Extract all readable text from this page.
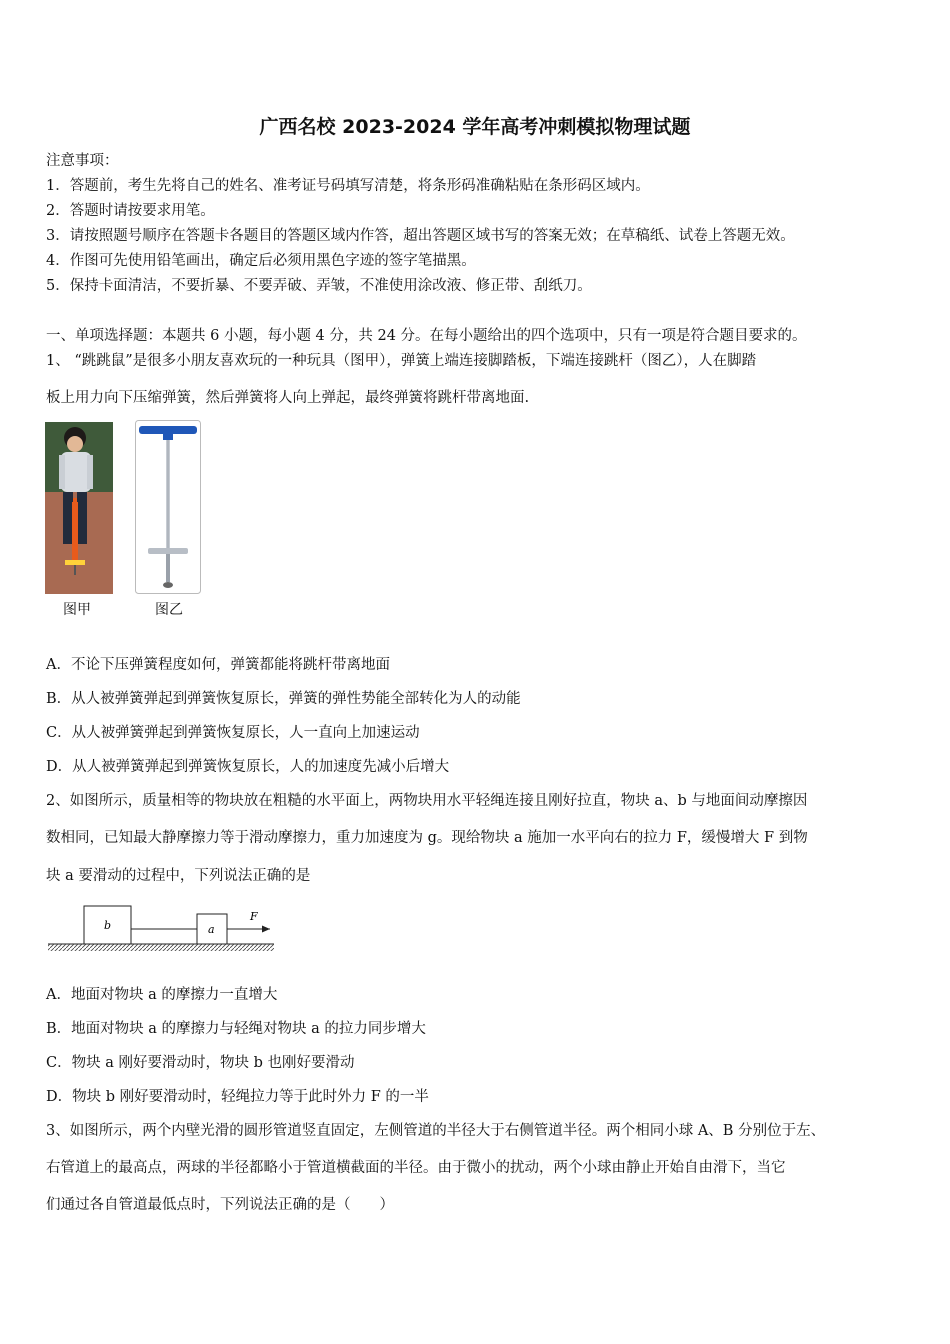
广西名校 2023-2024 学年高考冲刺模拟物理试题
注意事项：
1．答题前，考生先将自己的姓名、准考证号码填写清楚，将条形码准确粘贴在条形码区域内。
2．答题时请按要求用笔。
3．请按照题号顺序在答题卡各题目的答题区域内作答，超出答题区域书写的答案无效；在草稿纸、试卷上答题无效。
4．作图可先使用铅笔画出，确定后必须用黑色字迹的签字笔描黑。
5．保持卡面清洁，不要折暴、不要弄破、弄皱，不准使用涂改液、修正带、刮纸刀。
一、单项选择题：本题共 6 小题，每小题 4 分，共 24 分。在每小题给出的四个选项中，只有一项是符合题目要求的。
1、 “跳跳鼠”是很多小朋友喜欢玩的一种玩具（图甲），弹簧上端连接脚踏板，下端连接跳杆（图乙），人在脚踏
板上用力向下压缩弹簧，然后弹簧将人向上弹起，最终弹簧将跳杆带离地面.
图甲	图乙
A．不论下压弹簧程度如何，弹簧都能将跳杆带离地面
B．从人被弹簧弹起到弹簧恢复原长，弹簧的弹性势能全部转化为人的动能
C．从人被弹簧弹起到弹簧恢复原长，人一直向上加速运动
D．从人被弹簧弹起到弹簧恢复原长，人的加速度先减小后增大
2、如图所示，质量相等的物块放在粗糙的水平面上，两物块用水平轻绳连接且刚好拉直，物块 a、b 与地面间动摩擦因
数相同，已知最大静摩擦力等于滑动摩擦力，重力加速度为 g。现给物块 a 施加一水平向右的拉力 F，缓慢增大 F 到物
块 a 要滑动的过程中，下列说法正确的是
b	a
F
A．地面对物块 a 的摩擦力一直增大
B．地面对物块 a 的摩擦力与轻绳对物块 a 的拉力同步增大
C．物块 a 刚好要滑动时，物块 b 也刚好要滑动
D．物块 b 刚好要滑动时，轻绳拉力等于此时外力 F 的一半
3、如图所示，两个内壁光滑的圆形管道竖直固定，左侧管道的半径大于右侧管道半径。两个相同小球 A、B 分别位于左、
右管道上的最高点，两球的半径都略小于管道横截面的半径。由于微小的扰动，两个小球由静止开始自由滑下，当它
们通过各自管道最低点时，下列说法正确的是（　　）
